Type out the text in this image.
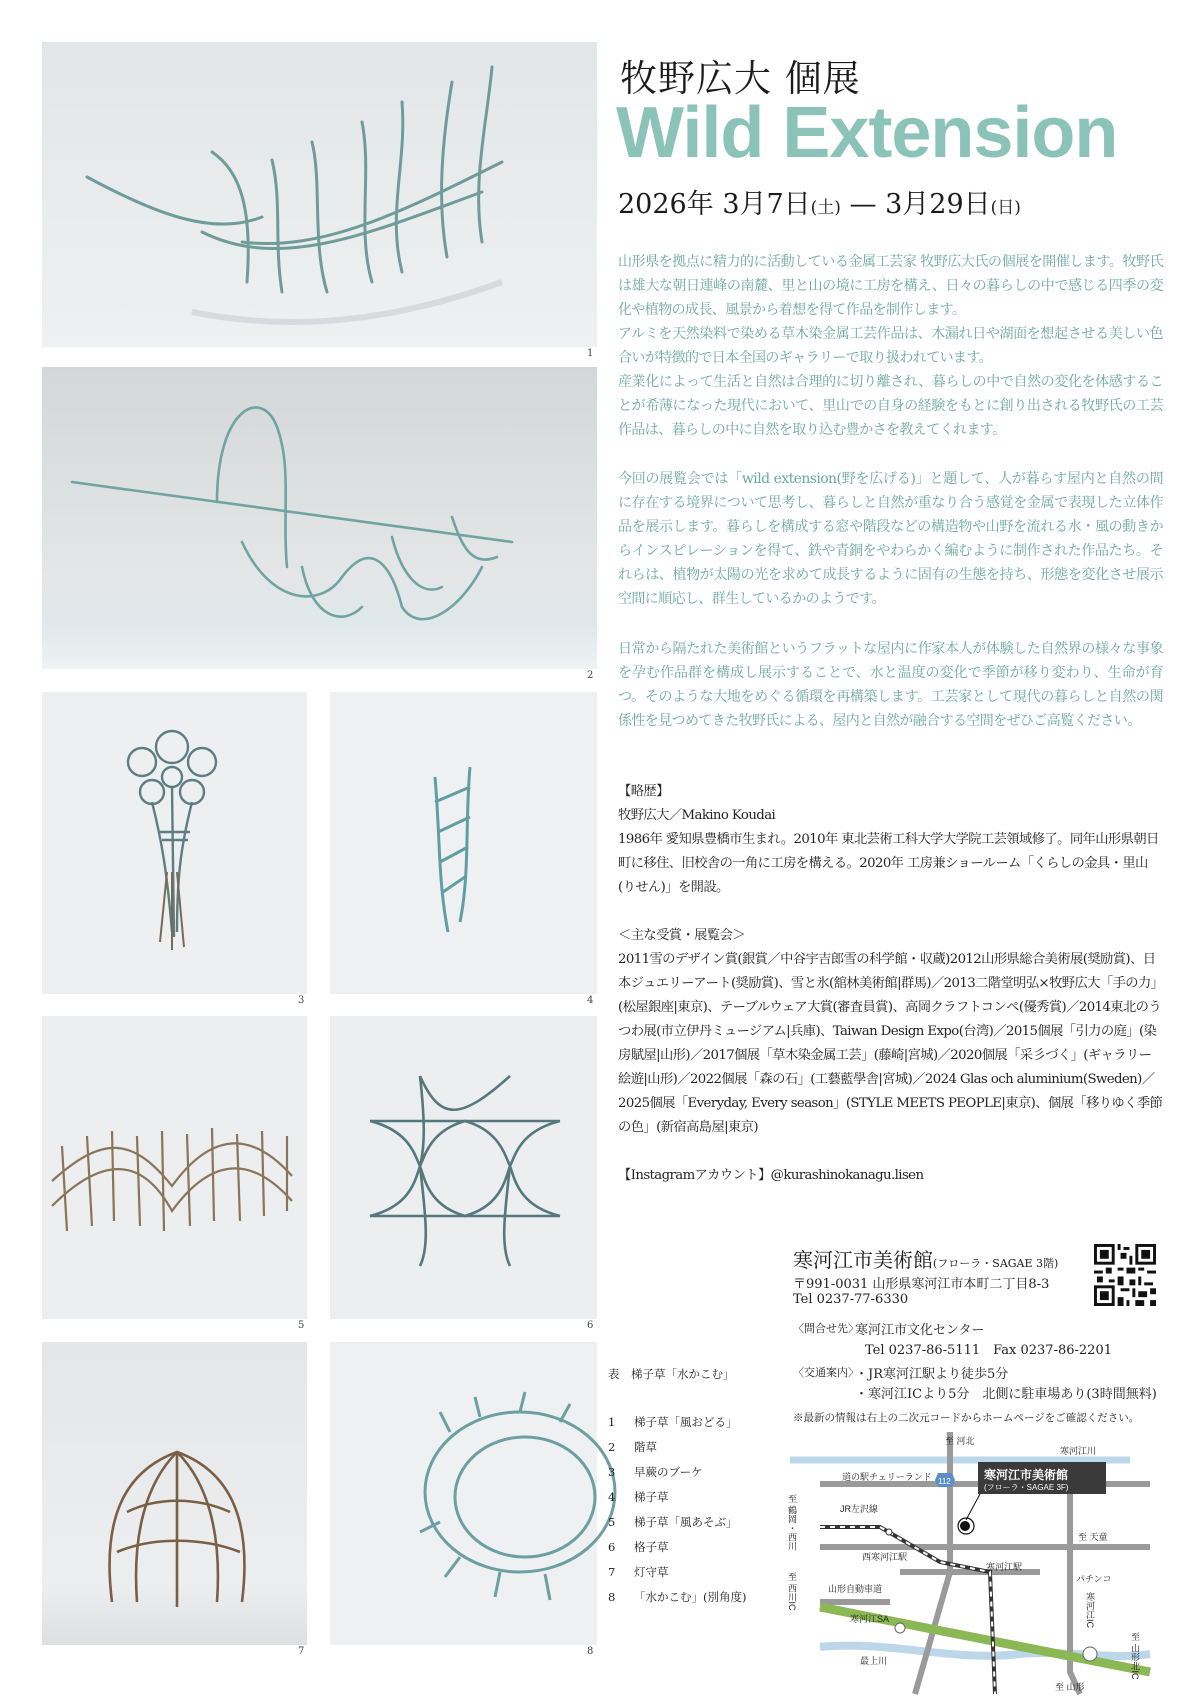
1
2
3	4
5	6
7	8
牧野広大 個展
Wild Extension
2026年 3月7日(土) — 3月29日(日)

山形県を拠点に精力的に活動している金属工芸家 牧野広大氏の個展を開催します。牧野氏は雄大な朝日連峰の南麓、里と山の境に工房を構え、日々の暮らしの中で感じる四季の変化や植物の成長、風景から着想を得て作品を制作します。

アルミを天然染料で染める草木染金属工芸作品は、木漏れ日や湖面を想起させる美しい色合いが特徴的で日本全国のギャラリーで取り扱われています。

産業化によって生活と自然は合理的に切り離され、暮らしの中で自然の変化を体感することが希薄になった現代において、里山での自身の経験をもとに創り出される牧野氏の工芸作品は、暮らしの中に自然を取り込む豊かさを教えてくれます。

今回の展覧会では「wild extension(野を広げる)」と題して、人が暮らす屋内と自然の間に存在する境界について思考し、暮らしと自然が重なり合う感覚を金属で表現した立体作品を展示します。暮らしを構成する窓や階段などの構造物や山野を流れる水・風の動きからインスピレーションを得て、鉄や青銅をやわらかく編むように制作された作品たち。それらは、植物が太陽の光を求めて成長するように固有の生態を持ち、形態を変化させ展示空間に順応し、群生しているかのようです。

日常から隔たれた美術館というフラットな屋内に作家本人が体験した自然界の様々な事象を孕む作品群を構成し展示することで、水と温度の変化で季節が移り変わり、生命が育つ。そのような大地をめぐる循環を再構築します。工芸家として現代の暮らしと自然の関係性を見つめてきた牧野氏による、屋内と自然が融合する空間をぜひご高覧ください。

【略歴】
牧野広大／Makino Koudai

1986年 愛知県豊橋市生まれ。2010年 東北芸術工科大学大学院工芸領域修了。同年山形県朝日町に移住、旧校舎の一角に工房を構える。2020年 工房兼ショールーム「くらしの金具・里山(りせん)」を開設。

＜主な受賞・展覧会＞

2011雪のデザイン賞(銀賞／中谷宇吉郎雪の科学館・収蔵)2012山形県総合美術展(奨励賞)、日本ジュエリーアート(奨励賞)、雪と氷(舘林美術館|群馬)／2013二階堂明弘×牧野広大「手の力」(松屋銀座|東京)、テーブルウェア大賞(審査員賞)、高岡クラフトコンペ(優秀賞)／2014東北のうつわ展(市立伊丹ミュージアム|兵庫)、Taiwan Design Expo(台湾)／2015個展「引力の庭」(染房賦屋|山形)／2017個展「草木染金属工芸」(藤崎|宮城)／2020個展「采彡づく」(ギャラリー絵遊|山形)／2022個展「森の石」(工藝藍學舎|宮城)／2024 Glas och aluminium(Sweden)／2025個展「Everyday, Every season」(STYLE MEETS PEOPLE|東京)、個展「移りゆく季節の色」(新宿高島屋|東京)

【Instagramアカウント】@kurashinokanagu.lisen
寒河江市美術館(フローラ・SAGAE 3階)
〒991-0031 山形県寒河江市本町二丁目8-3
Tel 0237-77-6330
〈問合せ先〉
寒河江市文化センター
Tel 0237-86-5111　Fax 0237-86-2201
〈交通案内〉
・JR寒河江駅より徒歩5分
・寒河江ICより5分　北側に駐車場あり(3時間無料)
※最新の情報は右上の二次元コードからホームページをご確認ください。
表　梯子草「水かこむ」
1 梯子草「風おどる」
2 階草
3 早蕨のブーケ
4 梯子草
5 梯子草「風あそぶ」
6 格子草
7 灯守草
8 「水かこむ」(別角度)
至 河北
寒河江川
道の駅チェリーランド 112
JR左沢線
寒河江市美術館
(フローラ・SAGAE 3F)
西寒河江駅
寒河江駅
至 天童
パチンコ
山形自動車道
寒河江SA
最上川
至 山形
至 鶴岡・西川
至 西川IC	寒河江IC
至 山形北IC
